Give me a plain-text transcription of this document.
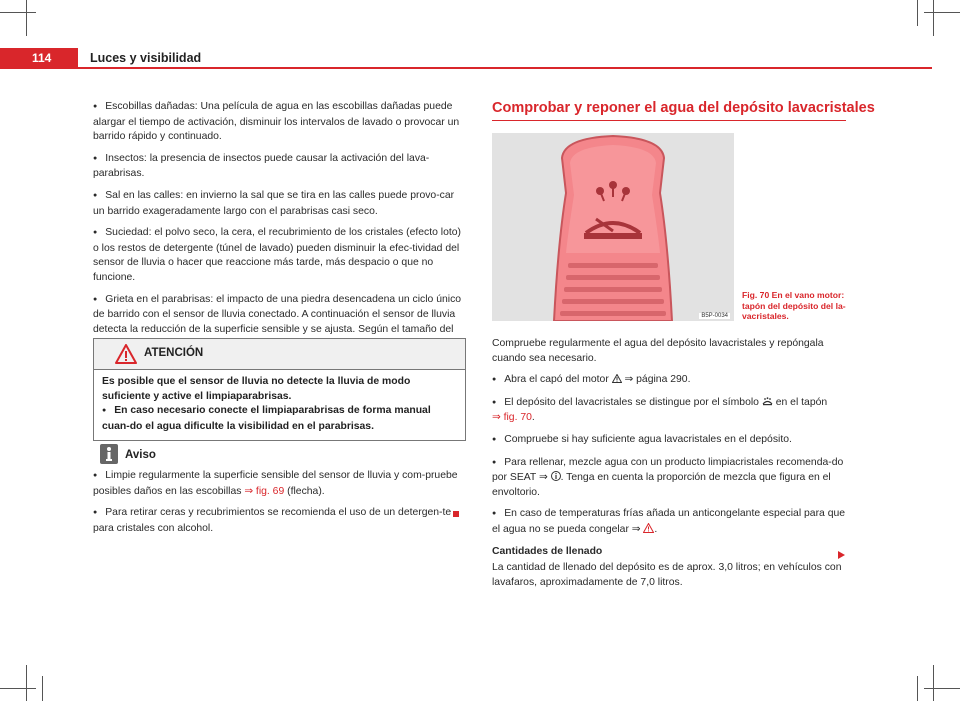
114	Luces y visibilidad

● Escobillas dañadas: Una película de agua en las escobillas dañadas puede alargar el tiempo de activación, disminuir los intervalos de lavado o provocar un barrido rápido y continuado.

● Insectos: la presencia de insectos puede causar la activación del lava-parabrisas.

● Sal en las calles: en invierno la sal que se tira en las calles puede provo-car un barrido exageradamente largo con el parabrisas casi seco.

● Suciedad: el polvo seco, la cera, el recubrimiento de los cristales (efecto loto) o los restos de detergente (túnel de lavado) pueden disminuir la efec-tividad del sensor de lluvia o hacer que reaccione más tarde, más despacio o que no funcione.

● Grieta en el parabrisas: el impacto de una piedra desencadena un ciclo único de barrido con el sensor de lluvia conectado. A continuación el sensor de lluvia detecta la reducción de la superficie sensible y se ajusta. Según el tamaño del

ATENCIÓN
Es posible que el sensor de lluvia no detecte la lluvia de modo suficiente y active el limpiaparabrisas.
● En caso necesario conecte el limpiaparabrisas de forma manual cuan-do el agua dificulte la visibilidad en el parabrisas.
Aviso

● Limpie regularmente la superficie sensible del sensor de lluvia y com-pruebe posibles daños en las escobillas ⇒ fig. 69 (flecha).

● Para retirar ceras y recubrimientos se recomienda el uso de un detergen-te para cristales con alcohol.

Comprobar y reponer el agua del depósito lavacristales
B5P-0034
Fig. 70 En el vano motor: tapón del depósito del la-vacristales.

Compruebe regularmente el agua del depósito lavacristales y repóngala cuando sea necesario.

● Abra el capó del motor  ⇒ página 290.

● El depósito del lavacristales se distingue por el símbolo  en el tapón
⇒ fig. 70.

● Compruebe si hay suficiente agua lavacristales en el depósito.

● Para rellenar, mezcle agua con un producto limpiacristales recomenda-do por SEAT ⇒ . Tenga en cuenta la proporción de mezcla que figura en el envoltorio.

● En caso de temperaturas frías añada un anticongelante especial para que el agua no se pueda congelar ⇒ .

Cantidades de llenado
La cantidad de llenado del depósito es de aprox. 3,0 litros; en vehículos con lavafaros, aproximadamente de 7,0 litros.
